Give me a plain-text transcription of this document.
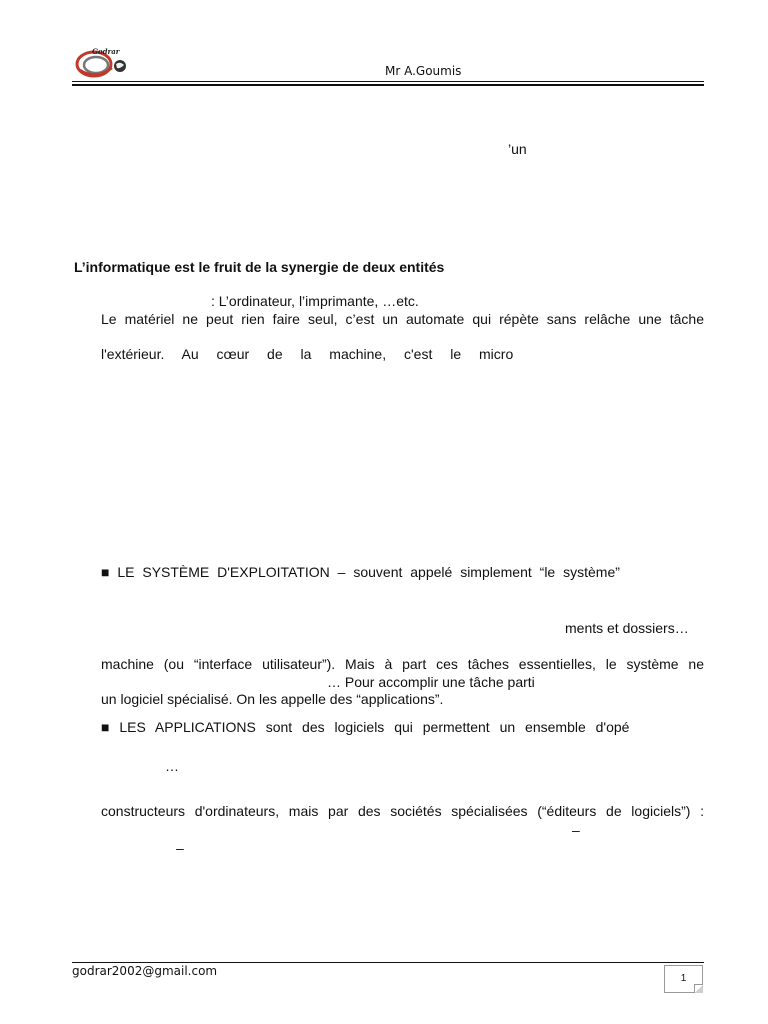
Godrar
Mr A.Goumis
’un
L’informatique est le fruit de la synergie de deux entités
: L’ordinateur, l’imprimante, …etc.
Le matériel ne peut rien faire seul, c’est un automate qui répète sans relâche une tâche
l'extérieur. Au cœur de la machine, c'est le micro
■ LE SYSTÈME D'EXPLOITATION – souvent appelé simplement “le système”
ments et dossiers…
machine (ou “interface utilisateur”). Mais à part ces tâches essentielles, le système ne
… Pour accomplir une tâche parti
un logiciel spécialisé. On les appelle des “applications”.
■ LES APPLICATIONS sont des logiciels qui permettent un ensemble d'opé
…
constructeurs d'ordinateurs, mais par des sociétés spécialisées (“éditeurs de logiciels”) :
–
–
godrar2002@gmail.com
1
